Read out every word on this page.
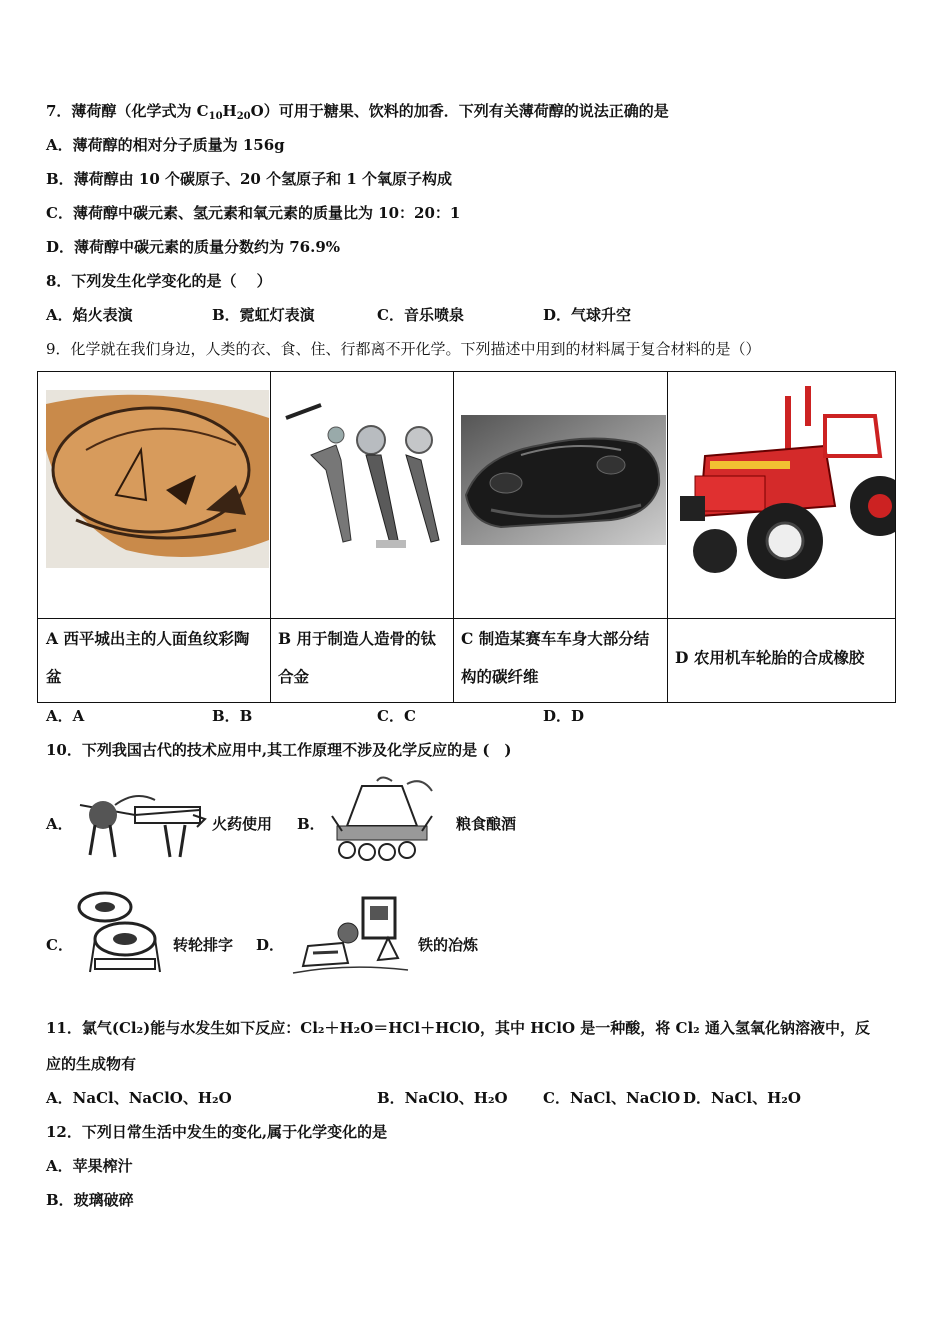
7．薄荷醇（化学式为 $C_{10}H_{20}O$）可用于糖果、饮料的加香．下列有关薄荷醇的说法正确的是
A．薄荷醇的相对分子质量为 156g
B．薄荷醇由 10 个碳原子、20 个氢原子和 1 个氧原子构成
C．薄荷醇中碳元素、氢元素和氧元素的质量比为 10：20：1
D．薄荷醇中碳元素的质量分数约为 76.9%
8．下列发生化学变化的是（　 ）
A．焰火表演	B．霓虹灯表演	C．音乐喷泉	D．气球升空
9．化学就在我们身边，人类的衣、食、住、行都离不开化学。下列描述中用到的材料属于复合材料的是（）
A 西平城出主的人面鱼纹彩陶盆
B 用于制造人造骨的钛合金
C 制造某赛车车身大部分结构的碳纤维
D 农用机车轮胎的合成橡胶
A．A	B．B	C．C	D．D
10．下列我国古代的技术应用中,其工作原理不涉及化学反应的是 (　)
A．	火药使用 B．	粮食酿酒
C．	转轮排字 D．	铁的冶炼
11．氯气(Cl₂)能与水发生如下反应：Cl₂＋H₂O＝HCl＋HClO，其中 HClO 是一种酸，将 Cl₂ 通入氢氧化钠溶液中，反
应的生成物有
A．NaCl、NaClO、H₂O	B．NaClO、H₂O C．NaCl、NaClO D．NaCl、H₂O
12．下列日常生活中发生的变化,属于化学变化的是
A．苹果榨汁
B．玻璃破碎
